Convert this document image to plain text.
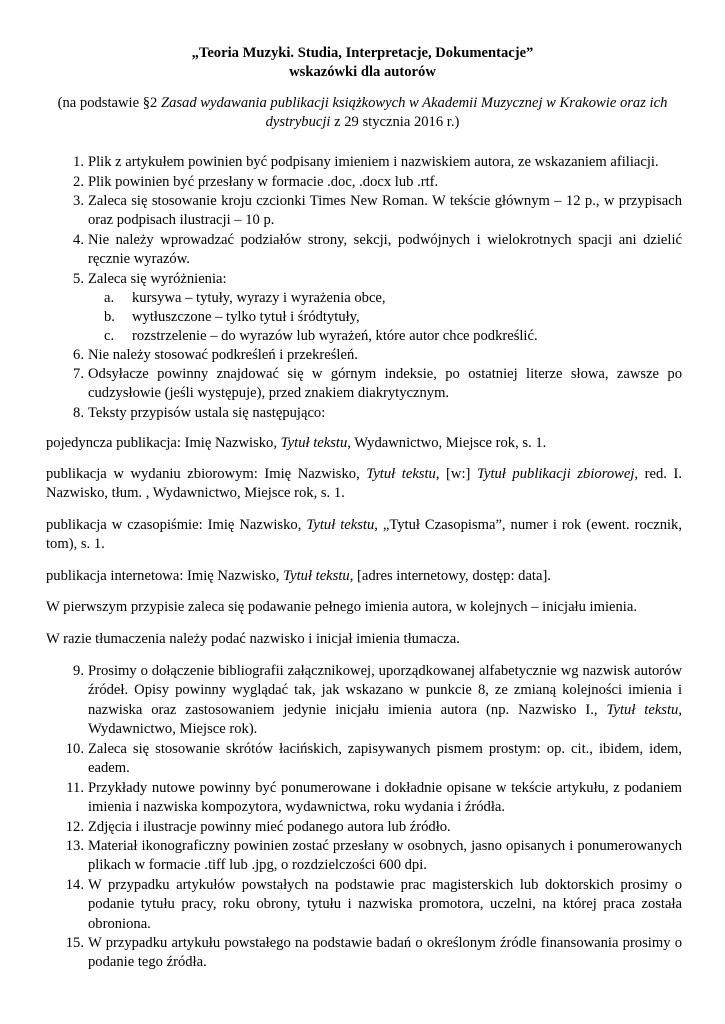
„Teoria Muzyki. Studia, Interpretacje, Dokumentacje”
wskazówki dla autorów
(na podstawie §2 Zasad wydawania publikacji książkowych w Akademii Muzycznej w Krakowie oraz ich dystrybucji z 29 stycznia 2016 r.)
1. Plik z artykułem powinien być podpisany imieniem i nazwiskiem autora, ze wskazaniem afiliacji.
2. Plik powinien być przesłany w formacie .doc, .docx lub .rtf.
3. Zaleca się stosowanie kroju czcionki Times New Roman. W tekście głównym – 12 p., w przypisach oraz podpisach ilustracji – 10 p.
4. Nie należy wprowadzać podziałów strony, sekcji, podwójnych i wielokrotnych spacji ani dzielić ręcznie wyrazów.
5. Zaleca się wyróżnienia:
a. kursywa – tytuły, wyrazy i wyrażenia obce,
b. wytłuszczone – tylko tytuł i śródtytuły,
c. rozstrzelenie – do wyrazów lub wyrażeń, które autor chce podkreślić.
6. Nie należy stosować podkreśleń i przekreśleń.
7. Odsyłacze powinny znajdować się w górnym indeksie, po ostatniej literze słowa, zawsze po cudzysłowie (jeśli występuje), przed znakiem diakrytycznym.
8. Teksty przypisów ustala się następująco:
pojedyncza publikacja: Imię Nazwisko, Tytuł tekstu, Wydawnictwo, Miejsce rok, s. 1.
publikacja w wydaniu zbiorowym: Imię Nazwisko, Tytuł tekstu, [w:] Tytuł publikacji zbiorowej, red. I. Nazwisko, tłum. , Wydawnictwo, Miejsce rok, s. 1.
publikacja w czasopiśmie: Imię Nazwisko, Tytuł tekstu, „Tytuł Czasopisma”, numer i rok (ewent. rocznik, tom), s. 1.
publikacja internetowa: Imię Nazwisko, Tytuł tekstu, [adres internetowy, dostęp: data].
W pierwszym przypisie zaleca się podawanie pełnego imienia autora, w kolejnych – inicjału imienia.
W razie tłumaczenia należy podać nazwisko i inicjał imienia tłumacza.
9. Prosimy o dołączenie bibliografii załącznikowej, uporządkowanej alfabetycznie wg nazwisk autorów źródeł. Opisy powinny wyglądać tak, jak wskazano w punkcie 8, ze zmianą kolejności imienia i nazwiska oraz zastosowaniem jedynie inicjału imienia autora (np. Nazwisko I., Tytuł tekstu, Wydawnictwo, Miejsce rok).
10. Zaleca się stosowanie skrótów łacińskich, zapisywanych pismem prostym: op. cit., ibidem, idem, eadem.
11. Przykłady nutowe powinny być ponumerowane i dokładnie opisane w tekście artykułu, z podaniem imienia i nazwiska kompozytora, wydawnictwa, roku wydania i źródła.
12. Zdjęcia i ilustracje powinny mieć podanego autora lub źródło.
13. Materiał ikonograficzny powinien zostać przesłany w osobnych, jasno opisanych i ponumerowanych plikach w formacie .tiff lub .jpg, o rozdzielczości 600 dpi.
14. W przypadku artykułów powstałych na podstawie prac magisterskich lub doktorskich prosimy o podanie tytułu pracy, roku obrony, tytułu i nazwiska promotora, uczelni, na której praca została obroniona.
15. W przypadku artykułu powstałego na podstawie badań o określonym źródle finansowania prosimy o podanie tego źródła.
